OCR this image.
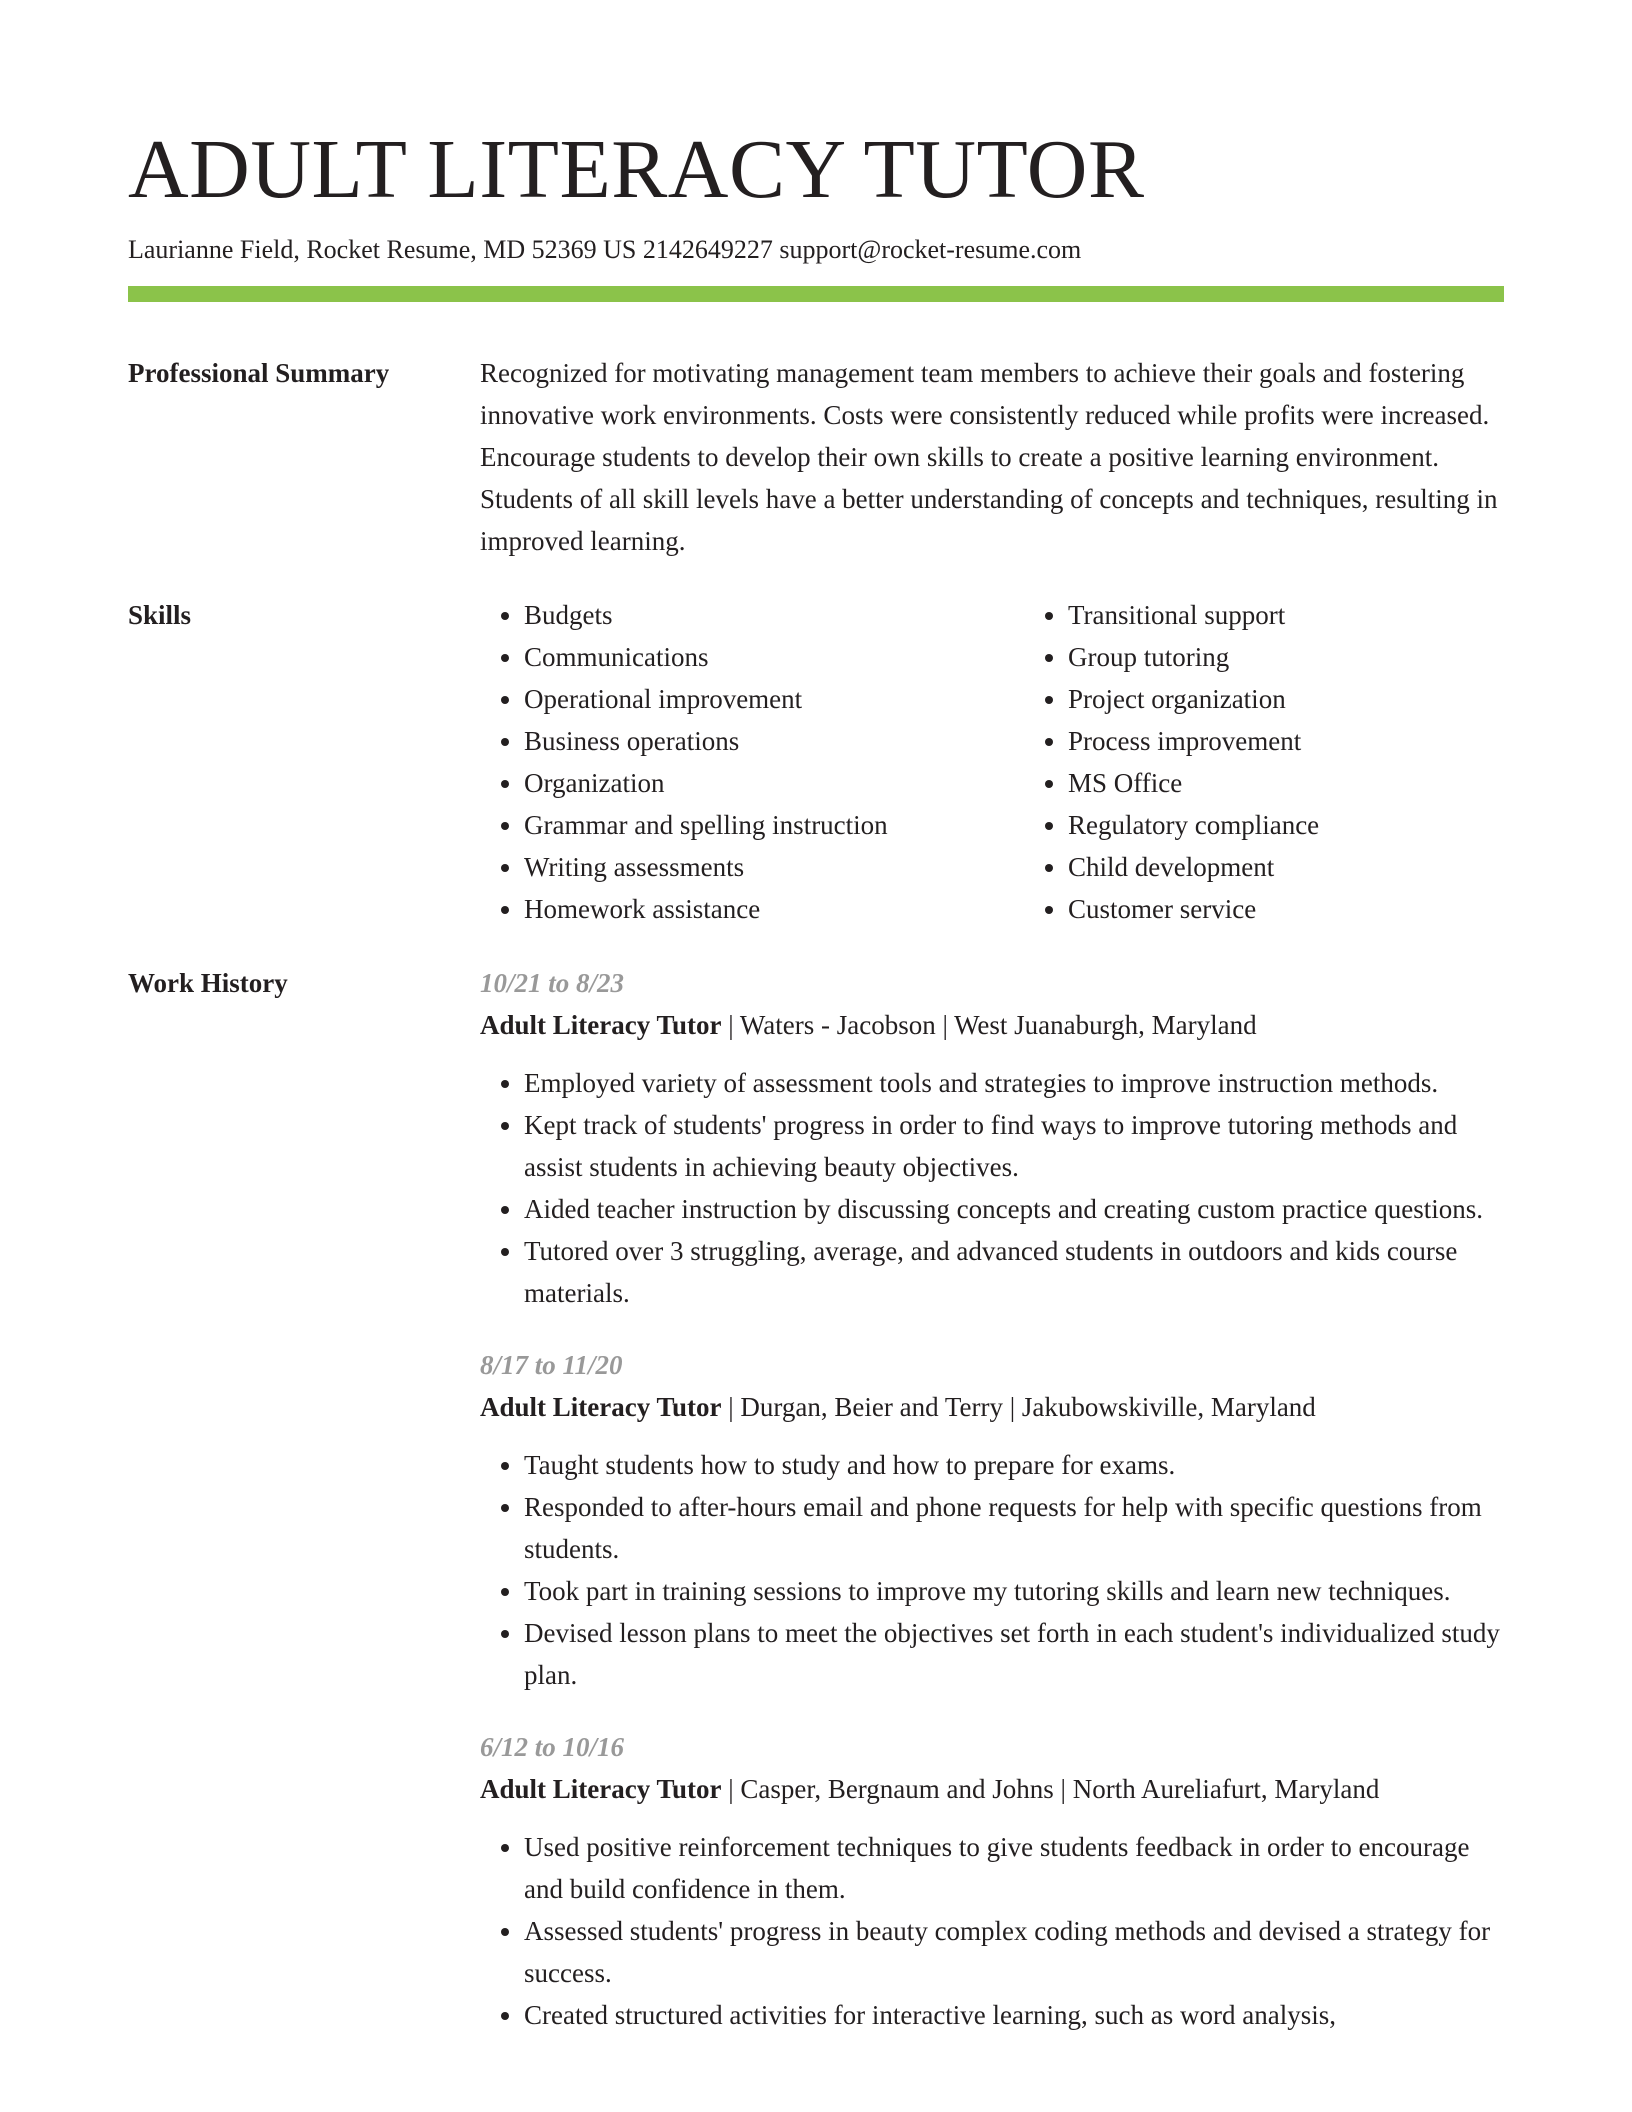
ADULT LITERACY TUTOR
Laurianne Field, Rocket Resume, MD 52369 US 2142649227 support@rocket-resume.com
Professional Summary	Recognized for motivating management team members to achieve their goals and fostering innovative work environments. Costs were consistently reduced while profits were increased. Encourage students to develop their own skills to create a positive learning environment. Students of all skill levels have a better understanding of concepts and techniques, resulting in improved learning.
Skills
•	Budgets
• Communications
• Operational improvement
• Business operations
• Organization
• Grammar and spelling instruction
• Writing assessments
• Homework assistance
• Transitional support
• Group tutoring
• Project organization
• Process improvement
• MS Office
• Regulatory compliance
• Child development
• Customer service
Work History	10/21 to 8/23
Adult Literacy Tutor | Waters - Jacobson | West Juanaburgh, Maryland
• Employed variety of assessment tools and strategies to improve instruction methods.
• Kept track of students' progress in order to find ways to improve tutoring methods and assist students in achieving beauty objectives.
• Aided teacher instruction by discussing concepts and creating custom practice questions.
• Tutored over 3 struggling, average, and advanced students in outdoors and kids course materials.
8/17 to 11/20
Adult Literacy Tutor | Durgan, Beier and Terry | Jakubowskiville, Maryland
• Taught students how to study and how to prepare for exams.
• Responded to after-hours email and phone requests for help with specific questions from students.
• Took part in training sessions to improve my tutoring skills and learn new techniques.
• Devised lesson plans to meet the objectives set forth in each student's individualized study plan.
6/12 to 10/16
Adult Literacy Tutor | Casper, Bergnaum and Johns | North Aureliafurt, Maryland
• Used positive reinforcement techniques to give students feedback in order to encourage and build confidence in them.
• Assessed students' progress in beauty complex coding methods and devised a strategy for success.
• Created structured activities for interactive learning, such as word analysis,
